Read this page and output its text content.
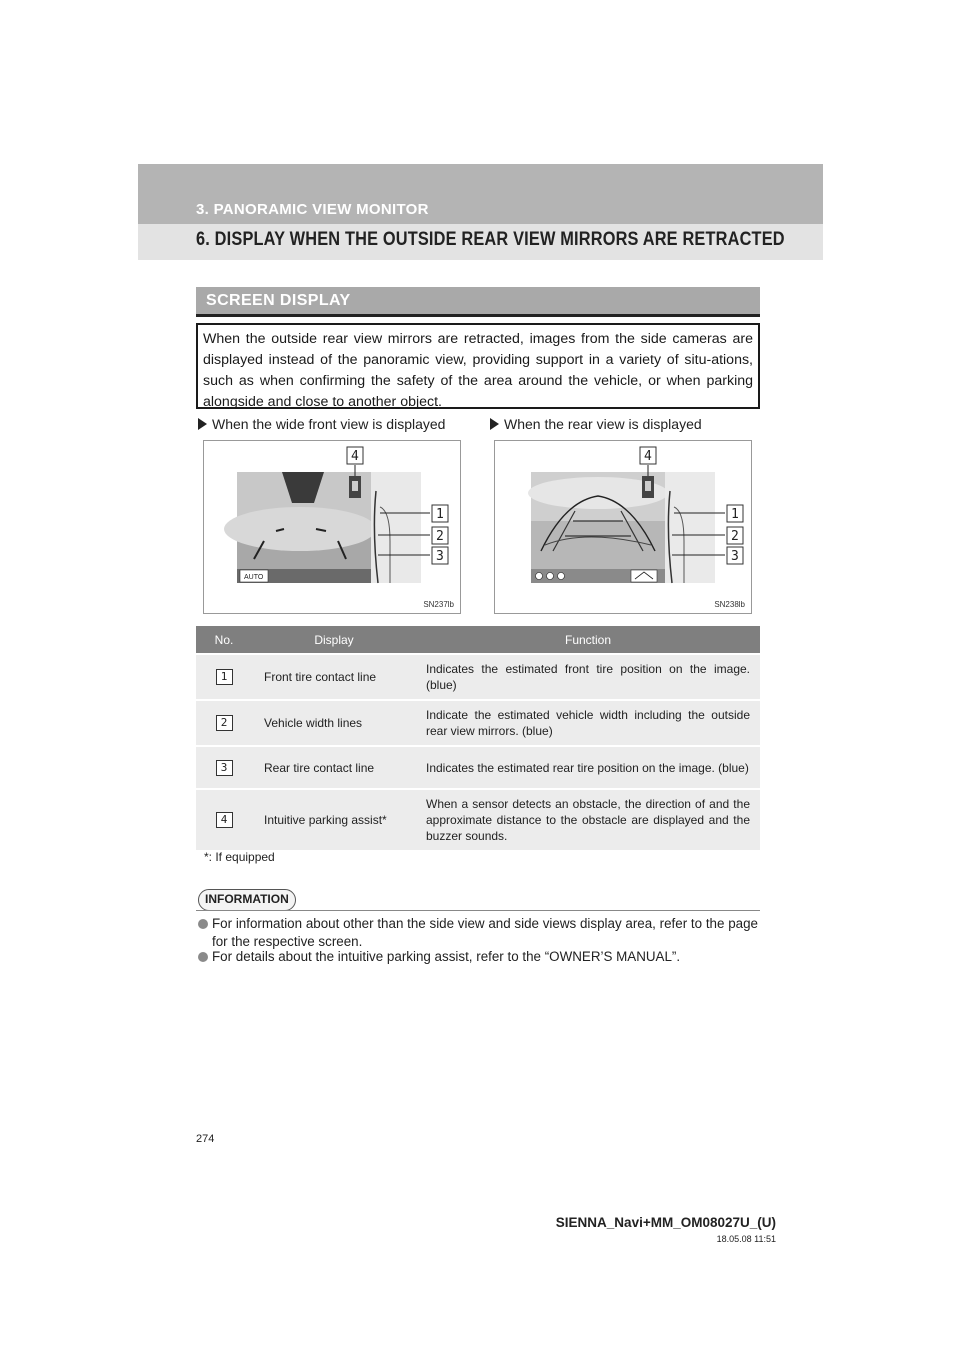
3. PANORAMIC VIEW MONITOR
6. DISPLAY WHEN THE OUTSIDE REAR VIEW MIRRORS ARE RETRACTED
SCREEN DISPLAY
When the outside rear view mirrors are retracted, images from the side cameras are displayed instead of the panoramic view, providing support in a variety of situ-ations, such as when confirming the safety of the area around the vehicle, or when parking alongside and close to another object.
When the wide front view is displayed	When the rear view is displayed
AUTO
4
1
2
3
SN237lb
4
1
2
3
SN238lb
No.	Display	Function
1	Front tire contact line	Indicates the estimated front tire position on the image. (blue)
2	Vehicle width lines	Indicate the estimated vehicle width including the outside rear view mirrors. (blue)
3	Rear tire contact line	Indicates the estimated rear tire position on the image. (blue)
4	Intuitive parking assist*	When a sensor detects an obstacle, the direction of and the approximate distance to the obstacle are displayed and the buzzer sounds.
*: If equipped
INFORMATION
For information about other than the side view and side views display area, refer to the page for the respective screen.
For details about the intuitive parking assist, refer to the “OWNER’S MANUAL”.
274
SIENNA_Navi+MM_OM08027U_(U)
18.05.08 11:51
